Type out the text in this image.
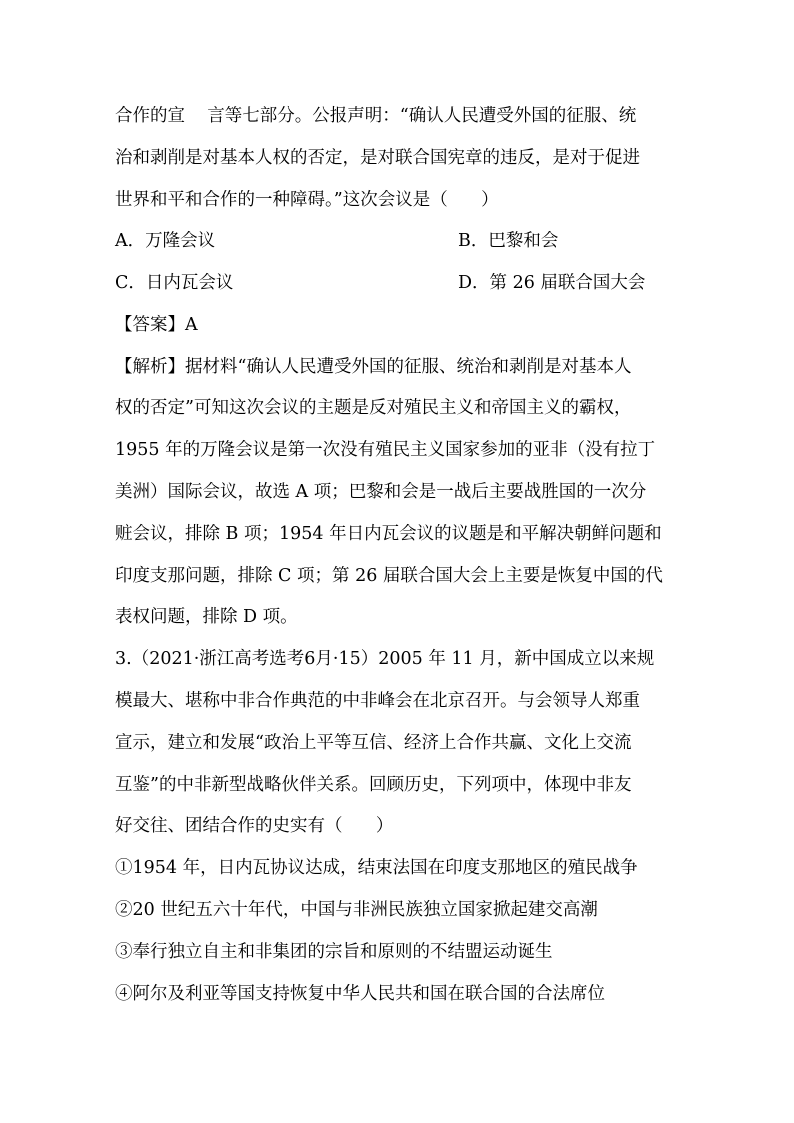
合作的宣    言等七部分。公报声明：“确认人民遭受外国的征服、统
治和剥削是对基本人权的否定，是对联合国宪章的违反，是对于促进
世界和平和合作的一种障碍。”这次会议是（      ）
A．万隆会议	B．巴黎和会
C．日内瓦会议	D．第 26 届联合国大会
【答案】A
【解析】据材料“确认人民遭受外国的征服、统治和剥削是对基本人
权的否定”可知这次会议的主题是反对殖民主义和帝国主义的霸权，
1955 年的万隆会议是第一次没有殖民主义国家参加的亚非（没有拉丁
美洲）国际会议，故选 A 项；巴黎和会是一战后主要战胜国的一次分
赃会议，排除 B 项；1954 年日内瓦会议的议题是和平解决朝鲜问题和
印度支那问题，排除 C 项；第 26 届联合国大会上主要是恢复中国的代
表权问题，排除 D 项。
3.（2021·浙江高考选考6月·15）2005 年 11 月，新中国成立以来规
模最大、堪称中非合作典范的中非峰会在北京召开。与会领导人郑重
宣示，建立和发展“政治上平等互信、经济上合作共赢、文化上交流
互鉴”的中非新型战略伙伴关系。回顾历史，下列项中，体现中非友
好交往、团结合作的史实有（      ）
①1954 年，日内瓦协议达成，结束法国在印度支那地区的殖民战争
②20 世纪五六十年代，中国与非洲民族独立国家掀起建交高潮
③奉行独立自主和非集团的宗旨和原则的不结盟运动诞生
④阿尔及利亚等国支持恢复中华人民共和国在联合国的合法席位
